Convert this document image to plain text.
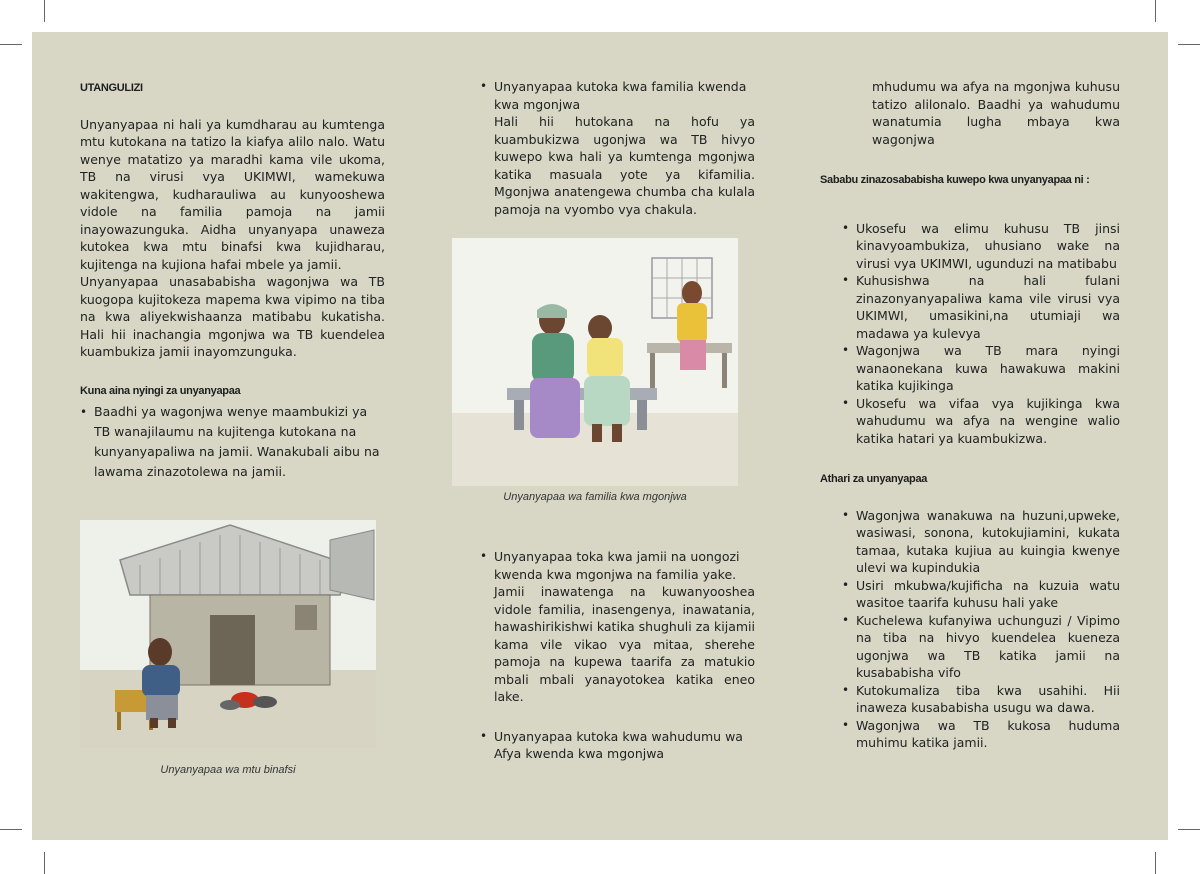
UTANGULIZI

Unyanyapaa ni hali ya kumdharau au kumtenga mtu kutokana na tatizo la kiafya alilo nalo. Watu wenye matatizo ya maradhi kama vile ukoma, TB na virusi vya UKIMWI, wamekuwa wakitengwa, kudharauliwa au kunyooshewa vidole na familia pamoja na jamii inayowazunguka. Aidha unyanyapa unaweza kutokea kwa mtu binafsi kwa kujidharau, kujitenga na kujiona hafai mbele ya jamii.

Unyanyapaa unasababisha wagonjwa wa TB kuogopa kujitokeza mapema kwa vipimo na tiba na kwa aliyekwishaanza matibabu kukatisha. Hali hii inachangia mgonjwa wa TB kuendelea kuambukiza jamii inayomzunguka.

Kuna aina nyingi za unyanyapaa
• Baadhi ya wagonjwa wenye maambukizi ya TB wanajilaumu na kujitenga kutokana na kunyanyapaliwa na jamii. Wanakubali aibu na lawama zinazotolewa na jamii.
Unyanyapaa wa mtu binafsi
• Unyanyapaa kutoka kwa familia kwenda kwa mgonjwa

Hali hii hutokana na hofu ya kuambukizwa ugonjwa wa TB hivyo kuwepo kwa hali ya kumtenga mgonjwa katika masuala yote ya kifamilia. Mgonjwa anatengewa chumba cha kulala pamoja na vyombo vya chakula.

Unyanyapaa wa familia kwa mgonjwa
• Unyanyapaa toka kwa jamii na uongozi kwenda kwa mgonjwa na familia yake.

Jamii inawatenga na kuwanyooshea vidole familia, inasengenya, inawatania, hawashirikishwi katika shughuli za kijamii kama vile vikao vya mitaa, sherehe pamoja na kupewa taarifa za matukio mbali mbali yanayotokea katika eneo lake.

• Unyanyapaa kutoka kwa wahudumu wa Afya kwenda kwa mgonjwa

mhudumu wa afya na mgonjwa kuhusu tatizo alilonalo. Baadhi ya wahudumu wanatumia lugha mbaya kwa wagonjwa

Sababu zinazosababisha kuwepo kwa unyanyapaa ni :
• Ukosefu wa elimu kuhusu TB jinsi kinavyoambukiza, uhusiano wake na virusi vya UKIMWI, ugunduzi na matibabu
• Kuhusishwa na hali fulani zinazonyanyapaliwa kama vile virusi vya UKIMWI, umasikini,na utumiaji wa madawa ya kulevya
• Wagonjwa wa TB mara nyingi wanaonekana kuwa hawakuwa makini katika kujikinga
• Ukosefu wa vifaa vya kujikinga kwa wahudumu wa afya na wengine walio katika hatari ya kuambukizwa.
Athari za unyanyapaa
• Wagonjwa wanakuwa na huzuni,upweke, wasiwasi, sonona, kutokujiamini, kukata tamaa, kutaka kujiua au kuingia kwenye ulevi wa kupindukia
• Usiri mkubwa/kujificha na kuzuia watu wasitoe taarifa kuhusu hali yake
• Kuchelewa kufanyiwa uchunguzi / Vipimo na tiba na hivyo kuendelea kueneza ugonjwa wa TB katika jamii na kusababisha vifo
• Kutokumaliza tiba kwa usahihi. Hii inaweza kusababisha usugu wa dawa.
• Wagonjwa wa TB kukosa huduma muhimu katika jamii.
